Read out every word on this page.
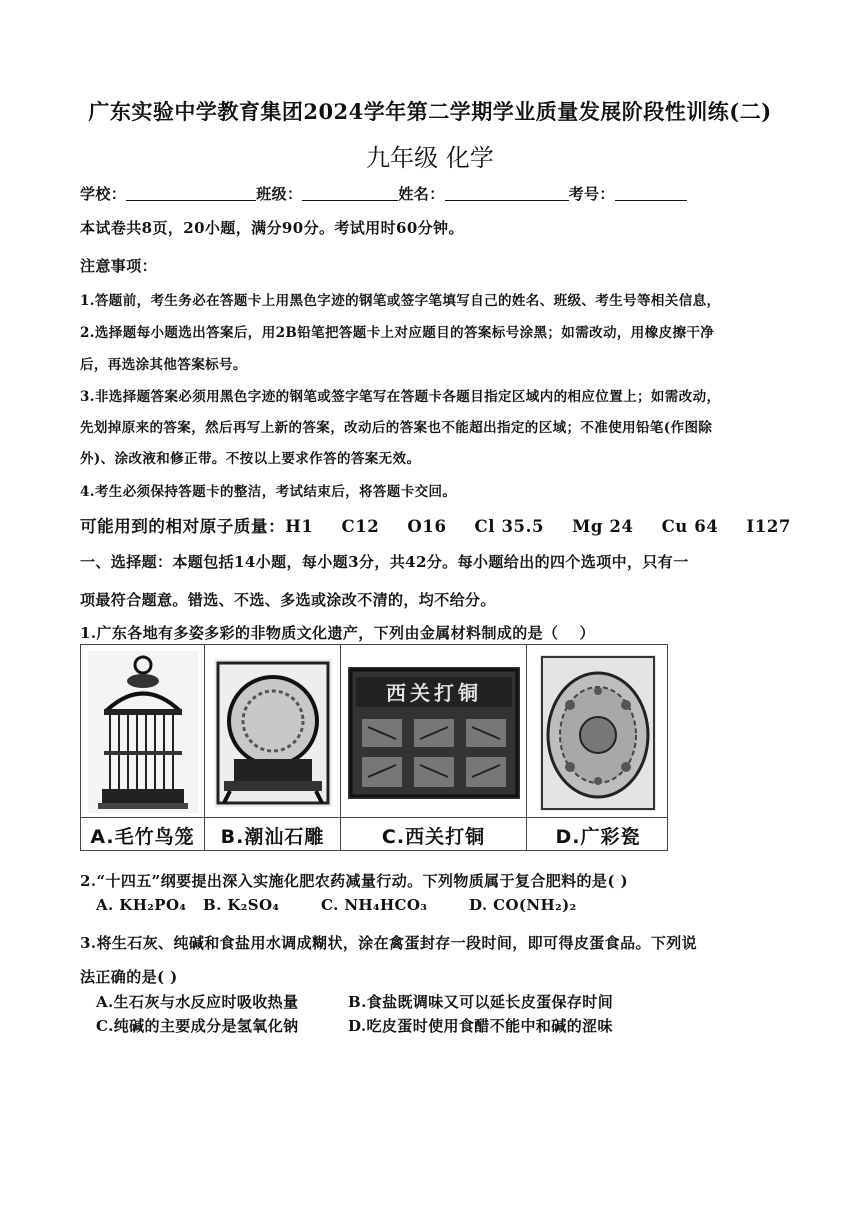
广东实验中学教育集团2024学年第二学期学业质量发展阶段性训练(二)
九年级 化学
学校：	班级：	姓名：	考号：
本试卷共8页，20小题，满分90分。考试用时60分钟。
注意事项：
1.答题前，考生务必在答题卡上用黑色字迹的钢笔或签字笔填写自己的姓名、班级、考生号等相关信息，
2.选择题每小题选出答案后，用2B铅笔把答题卡上对应题目的答案标号涂黑；如需改动，用橡皮擦干净
后，再选涂其他答案标号。
3.非选择题答案必须用黑色字迹的钢笔或签字笔写在答题卡各题目指定区域内的相应位置上；如需改动，
先划掉原来的答案，然后再写上新的答案，改动后的答案也不能超出指定的区域；不准使用铅笔(作图除
外)、涂改液和修正带。不按以上要求作答的答案无效。
4.考生必须保持答题卡的整洁，考试结束后，将答题卡交回。
可能用到的相对原子质量：H1 C12 O16 Cl 35.5 Mg 24 Cu 64 I127
一、选择题：本题包括14小题，每小题3分，共42分。每小题给出的四个选项中，只有一
项最符合题意。错选、不选、多选或涂改不清的，均不给分。
1.广东各地有多姿多彩的非物质文化遗产，下列由金属材料制成的是（　 ）
A.毛竹鸟笼	B.潮汕石雕
西关打铜
C.西关打铜	D.广彩瓷
2.“十四五”纲要提出深入实施化肥农药减量行动。下列物质属于复合肥料的是( )
A. KH₂PO₄ B. K₂SO₄	C. NH₄HCO₃	D. CO(NH₂)₂
3.将生石灰、纯碱和食盐用水调成糊状，涂在禽蛋封存一段时间，即可得皮蛋食品。下列说
法正确的是( )
A.生石灰与水反应时吸收热量	B.食盐既调味又可以延长皮蛋保存时间
C.纯碱的主要成分是氢氧化钠	D.吃皮蛋时使用食醋不能中和碱的涩味
